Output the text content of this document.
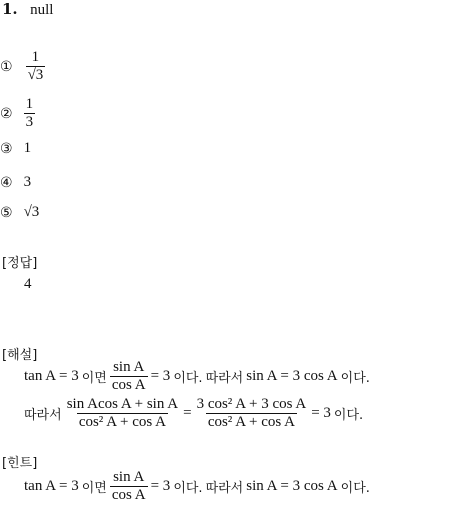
1. null
① $\frac{1}{√3}$
② $\frac{1}{3}$
③ 1
④ 3
⑤ √3
[정답]
4
[해설]
tan A = 3 이면 $\frac{\text{sin A}}{\text{cos A}} = 3$ 이다. 따라서 sin A = 3 cos A 이다.
따라서 $\frac{\text{sin Acos A + sin A}}{\text{cos² A + cos A}} = \frac{\text{3 cos² A + 3 cos A}}{\text{cos² A + cos A}} = 3$ 이다.
[힌트]
tan A = 3 이면 $\frac{\text{sin A}}{\text{cos A}} = 3$ 이다. 따라서 sin A = 3 cos A 이다.
